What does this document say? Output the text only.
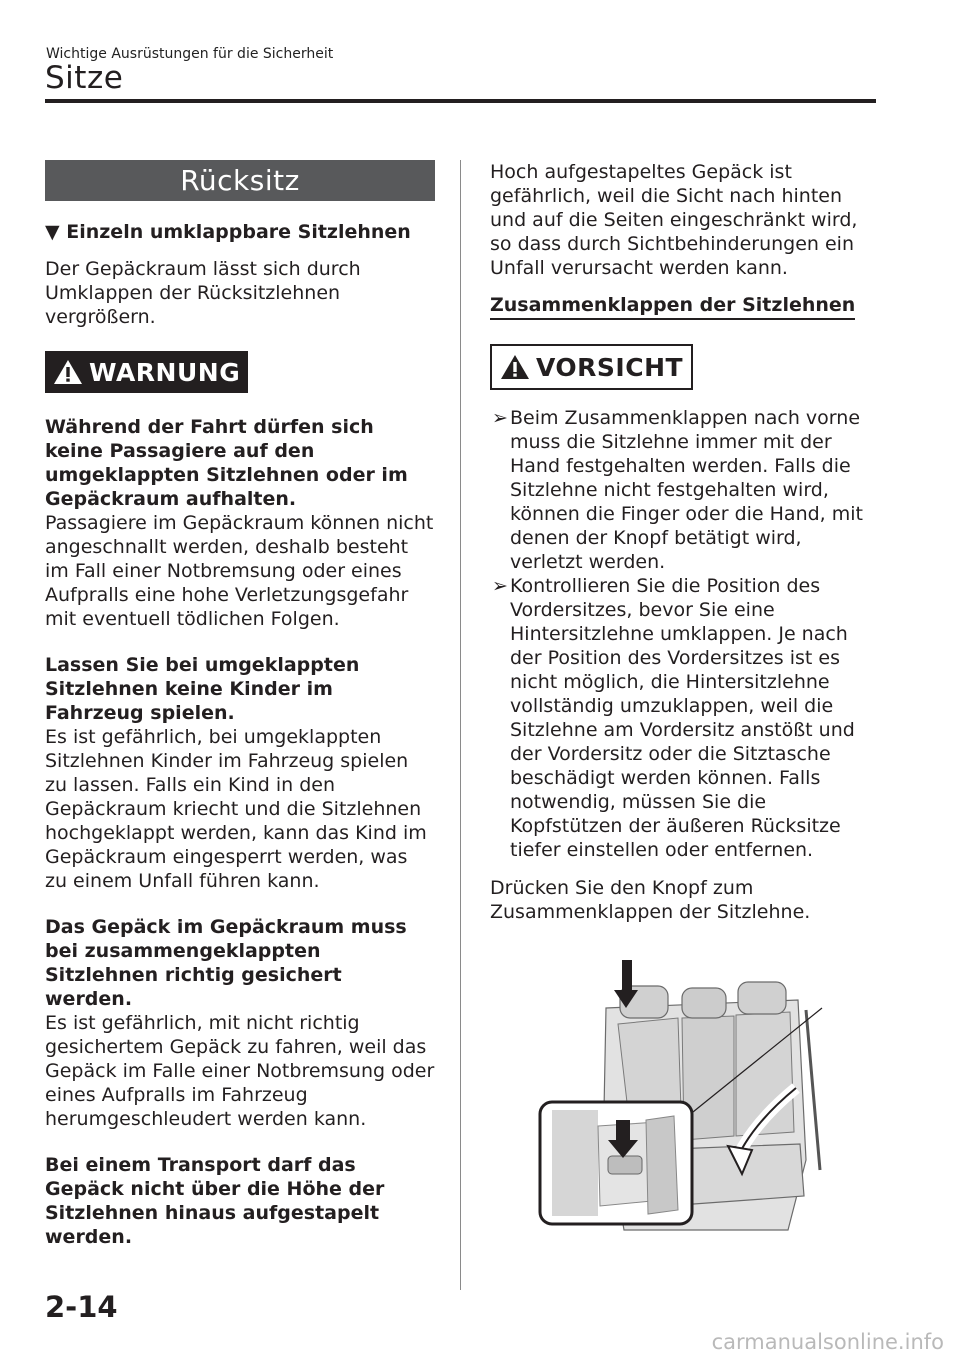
Wichtige Ausrüstungen für die Sicherheit
Sitze
Rücksitz
▼ Einzeln umklappbare Sitzlehnen
Der Gepäckraum lässt sich durch Umklappen der Rücksitzlehnen vergrößern.
WARNUNG
Während der Fahrt dürfen sich keine Passagiere auf den umgeklappten Sitzlehnen oder im Gepäckraum aufhalten.
Passagiere im Gepäckraum können nicht angeschnallt werden, deshalb besteht im Fall einer Notbremsung oder eines Aufpralls eine hohe Verletzungsgefahr mit eventuell tödlichen Folgen.
Lassen Sie bei umgeklappten Sitzlehnen keine Kinder im Fahrzeug spielen.
Es ist gefährlich, bei umgeklappten Sitzlehnen Kinder im Fahrzeug spielen zu lassen. Falls ein Kind in den Gepäckraum kriecht und die Sitzlehnen hochgeklappt werden, kann das Kind im Gepäckraum eingesperrt werden, was zu einem Unfall führen kann.
Das Gepäck im Gepäckraum muss bei zusammengeklappten Sitzlehnen richtig gesichert werden.
Es ist gefährlich, mit nicht richtig gesichertem Gepäck zu fahren, weil das Gepäck im Falle einer Notbremsung oder eines Aufpralls im Fahrzeug herumgeschleudert werden kann.
Bei einem Transport darf das Gepäck nicht über die Höhe der Sitzlehnen hinaus aufgestapelt werden.
Hoch aufgestapeltes Gepäck ist gefährlich, weil die Sicht nach hinten und auf die Seiten eingeschränkt wird, so dass durch Sichtbehinderungen ein Unfall verursacht werden kann.
Zusammenklappen der Sitzlehnen
VORSICHT
➢ Beim Zusammenklappen nach vorne muss die Sitzlehne immer mit der Hand festgehalten werden. Falls die Sitzlehne nicht festgehalten wird, können die Finger oder die Hand, mit denen der Knopf betätigt wird, verletzt werden.
➢ Kontrollieren Sie die Position des Vordersitzes, bevor Sie eine Hintersitzlehne umklappen. Je nach der Position des Vordersitzes ist es nicht möglich, die Hintersitzlehne vollständig umzuklappen, weil die Sitzlehne am Vordersitz anstößt und der Vordersitz oder die Sitztasche beschädigt werden können. Falls notwendig, müssen Sie die Kopfstützen der äußeren Rücksitze tiefer einstellen oder entfernen.
Drücken Sie den Knopf zum Zusammenklappen der Sitzlehne.
2-14
carmanualsonline.info
